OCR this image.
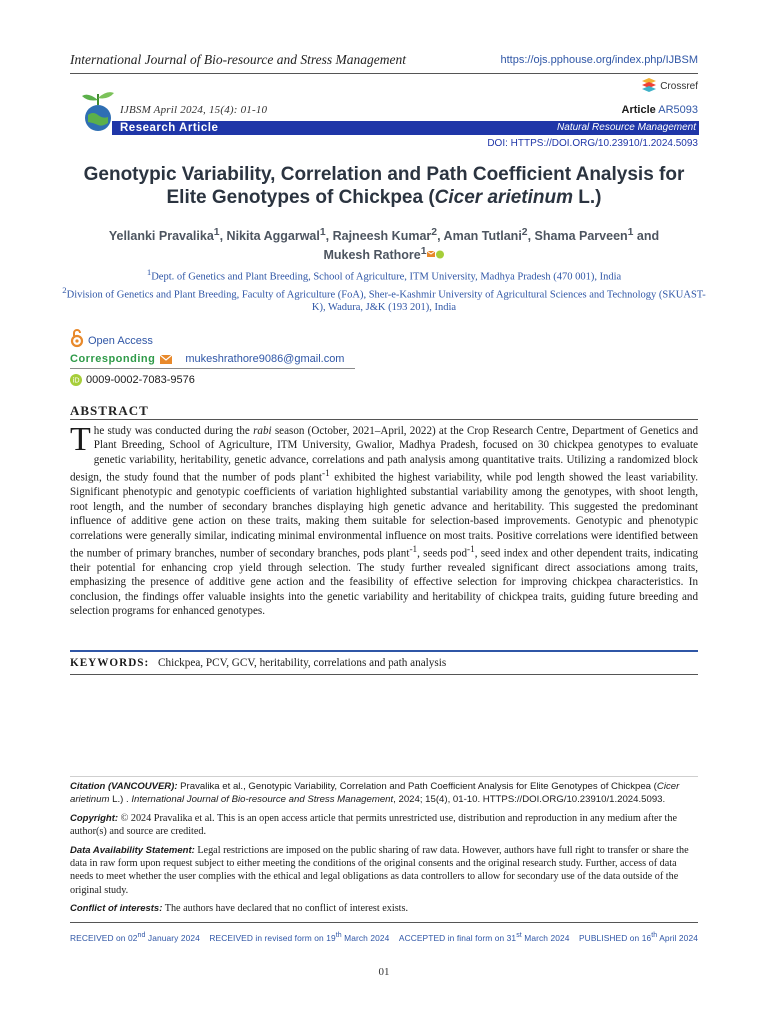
International Journal of Bio-resource and Stress Management	https://ojs.pphouse.org/index.php/IJBSM
Crossref
IJBSM April 2024, 15(4): 01-10	Article AR5093
Research Article	Natural Resource Management
DOI: HTTPS://DOI.ORG/10.23910/1.2024.5093
Genotypic Variability, Correlation and Path Coefficient Analysis for
Elite Genotypes of Chickpea (Cicer arietinum L.)
Yellanki Pravalika$^1$, Nikita Aggarwal$^1$, Rajneesh Kumar$^2$, Aman Tutlani$^2$, Shama Parveen$^1$ and
Mukesh Rathore$^1$
$^1$Dept. of Genetics and Plant Breeding, School of Agriculture, ITM University, Madhya Pradesh (470 001), India
$^2$Division of Genetics and Plant Breeding, Faculty of Agriculture (FoA), Sher-e-Kashmir University of Agricultural Sciences and Technology (SKUAST-K), Wadura, J&K (193 201), India
Open Access
Corresponding	mukeshrathore9086@gmail.com
iD 0009-0002-7083-9576
ABSTRACT
The study was conducted during the rabi season (October, 2021–April, 2022) at the Crop Research Centre, Department of Genetics and Plant Breeding, School of Agriculture, ITM University, Gwalior, Madhya Pradesh, focused on 30 chickpea genotypes to evaluate genetic variability, heritability, genetic advance, correlations and path analysis among quantitative traits. Utilizing a randomized block design, the study found that the number of pods plant$^{-1}$ exhibited the highest variability, while pod length showed the least variability. Significant phenotypic and genotypic coefficients of variation highlighted substantial variability among the genotypes, with shoot length, root length, and the number of secondary branches displaying high genetic advance and heritability. This suggested the predominant influence of additive gene action on these traits, making them suitable for selection-based improvements. Genotypic and phenotypic correlations were generally similar, indicating minimal environmental influence on most traits. Positive correlations were identified between the number of primary branches, number of secondary branches, pods plant$^{-1}$, seeds pod$^{-1}$, seed index and other dependent traits, indicating their potential for enhancing crop yield through selection. The study further revealed significant direct associations among traits, emphasizing the presence of additive gene action and the feasibility of effective selection for improving chickpea characteristics. In conclusion, the findings offer valuable insights into the genetic variability and heritability of chickpea traits, guiding future breeding and selection programs for enhanced genotypes.
KEYWORDS: Chickpea, PCV, GCV, heritability, correlations and path analysis

Citation (VANCOUVER): Pravalika et al., Genotypic Variability, Correlation and Path Coefficient Analysis for Elite Genotypes of Chickpea (Cicer arietinum L.) . International Journal of Bio-resource and Stress Management, 2024; 15(4), 01-10. HTTPS://DOI.ORG/10.23910/1.2024.5093.

Copyright: © 2024 Pravalika et al. This is an open access article that permits unrestricted use, distribution and reproduction in any medium after the author(s) and source are credited.

Data Availability Statement: Legal restrictions are imposed on the public sharing of raw data. However, authors have full right to transfer or share the data in raw form upon request subject to either meeting the conditions of the original consents and the original research study. Further, access of data needs to meet whether the user complies with the ethical and legal obligations as data controllers to allow for secondary use of the data outside of the original study.

Conflict of interests: The authors have declared that no conflict of interest exists.

RECEIVED on 02nd January 2024 RECEIVED in revised form on 19th March 2024 ACCEPTED in final form on 31st March 2024 PUBLISHED on 16th April 2024
01
